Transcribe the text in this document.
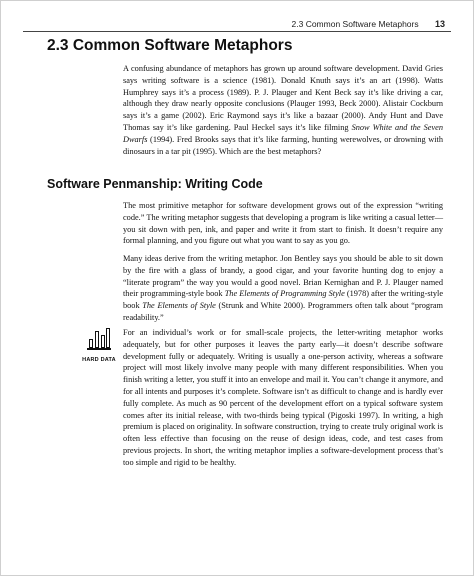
2.3 Common Software Metaphors 13
2.3 Common Software Metaphors

A confusing abundance of metaphors has grown up around software development. David Gries says writing software is a science (1981). Donald Knuth says it’s an art (1998). Watts Humphrey says it’s a process (1989). P. J. Plauger and Kent Beck say it’s like driving a car, although they draw nearly opposite conclusions (Plauger 1993, Beck 2000). Alistair Cockburn says it’s a game (2002). Eric Raymond says it’s like a bazaar (2000). Andy Hunt and Dave Thomas say it’s like gardening. Paul Heckel says it’s like filming Snow White and the Seven Dwarfs (1994). Fred Brooks says that it’s like farming, hunting werewolves, or drowning with dinosaurs in a tar pit (1995). Which are the best metaphors?

Software Penmanship: Writing Code

The most primitive metaphor for software development grows out of the expression “writing code.” The writing metaphor suggests that developing a program is like writing a casual letter—you sit down with pen, ink, and paper and write it from start to finish. It doesn’t require any formal planning, and you figure out what you want to say as you go.

Many ideas derive from the writing metaphor. Jon Bentley says you should be able to sit down by the fire with a glass of brandy, a good cigar, and your favorite hunting dog to enjoy a “literate program” the way you would a good novel. Brian Kernighan and P. J. Plauger named their programming-style book The Elements of Programming Style (1978) after the writing-style book The Elements of Style (Strunk and White 2000). Programmers often talk about “program readability.”

HARD DATA

For an individual’s work or for small-scale projects, the letter-writing metaphor works adequately, but for other purposes it leaves the party early—it doesn’t describe software development fully or adequately. Writing is usually a one-person activity, whereas a software project will most likely involve many people with many different responsibilities. When you finish writing a letter, you stuff it into an envelope and mail it. You can’t change it anymore, and for all intents and purposes it’s complete. Software isn’t as difficult to change and is hardly ever fully complete. As much as 90 percent of the development effort on a typical software system comes after its initial release, with two-thirds being typical (Pigoski 1997). In writing, a high premium is placed on originality. In software construction, trying to create truly original work is often less effective than focusing on the reuse of design ideas, code, and test cases from previous projects. In short, the writing metaphor implies a software-development process that’s too simple and rigid to be healthy.
